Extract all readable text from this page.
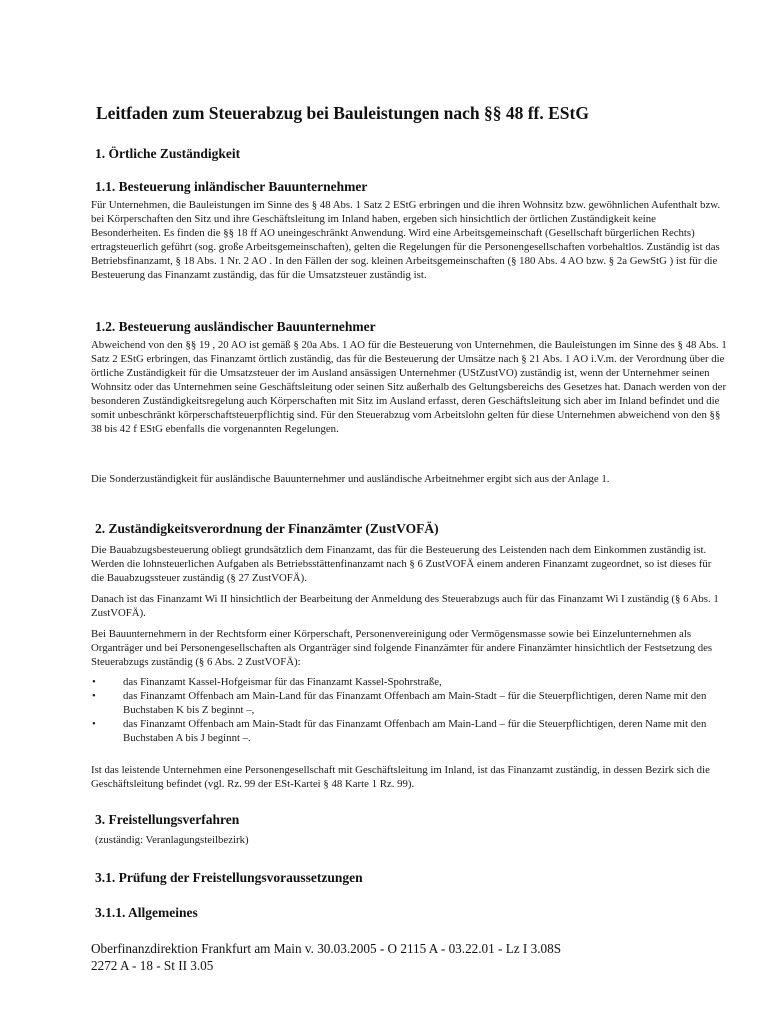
Leitfaden zum Steuerabzug bei Bauleistungen nach §§ 48 ff. EStG
1. Örtliche Zuständigkeit
1.1. Besteuerung inländischer Bauunternehmer

Für Unternehmen, die Bauleistungen im Sinne des § 48 Abs. 1 Satz 2 EStG erbringen und die ihren Wohnsitz bzw. gewöhnlichen Aufenthalt bzw. bei Körperschaften den Sitz und ihre Geschäftsleitung im Inland haben, ergeben sich hinsichtlich der örtlichen Zuständigkeit keine Besonderheiten. Es finden die §§ 18 ff AO uneingeschränkt Anwendung. Wird eine Arbeitsgemeinschaft (Gesellschaft bürgerlichen Rechts) ertragsteuerlich geführt (sog. große Arbeitsgemeinschaften), gelten die Regelungen für die Personengesellschaften vorbehaltlos. Zuständig ist das Betriebsfinanzamt, § 18 Abs. 1 Nr. 2 AO . In den Fällen der sog. kleinen Arbeitsgemeinschaften (§ 180 Abs. 4 AO bzw. § 2a GewStG ) ist für die Besteuerung das Finanzamt zuständig, das für die Umsatzsteuer zuständig ist.

1.2. Besteuerung ausländischer Bauunternehmer

Abweichend von den §§ 19 , 20 AO ist gemäß § 20a Abs. 1 AO für die Besteuerung von Unternehmen, die Bauleistungen im Sinne des § 48 Abs. 1 Satz 2 EStG erbringen, das Finanzamt örtlich zuständig, das für die Besteuerung der Umsätze nach § 21 Abs. 1 AO i.V.m. der Verordnung über die örtliche Zuständigkeit für die Umsatzsteuer der im Ausland ansässigen Unternehmer (UStZustVO) zuständig ist, wenn der Unternehmer seinen Wohnsitz oder das Unternehmen seine Geschäftsleitung oder seinen Sitz außerhalb des Geltungsbereichs des Gesetzes hat. Danach werden von der besonderen Zuständigkeitsregelung auch Körperschaften mit Sitz im Ausland erfasst, deren Geschäftsleitung sich aber im Inland befindet und die somit unbeschränkt körperschaftsteuerpflichtig sind. Für den Steuerabzug vom Arbeitslohn gelten für diese Unternehmen abweichend von den §§ 38 bis 42 f EStG ebenfalls die vorgenannten Regelungen.

Die Sonderzuständigkeit für ausländische Bauunternehmer und ausländische Arbeitnehmer ergibt sich aus der Anlage 1.

2. Zuständigkeitsverordnung der Finanzämter (ZustVOFÄ)

Die Bauabzugsbesteuerung obliegt grundsätzlich dem Finanzamt, das für die Besteuerung des Leistenden nach dem Einkommen zuständig ist. Werden die lohnsteuerlichen Aufgaben als Betriebsstättenfinanzamt nach § 6 ZustVOFÄ einem anderen Finanzamt zugeordnet, so ist dieses für die Bauabzugssteuer zuständig (§ 27 ZustVOFÄ).

Danach ist das Finanzamt Wi II hinsichtlich der Bearbeitung der Anmeldung des Steuerabzugs auch für das Finanzamt Wi I zuständig (§ 6 Abs. 1 ZustVOFÄ).

Bei Bauunternehmern in der Rechtsform einer Körperschaft, Personenvereinigung oder Vermögensmasse sowie bei Einzelunternehmen als Organträger und bei Personengesellschaften als Organträger sind folgende Finanzämter für andere Finanzämter hinsichtlich der Festsetzung des Steuerabzugs zuständig (§ 6 Abs. 2 ZustVOFÄ):

•	das Finanzamt Kassel-Hofgeismar für das Finanzamt Kassel-Spohrstraße,
•	das Finanzamt Offenbach am Main-Land für das Finanzamt Offenbach am Main-Stadt – für die Steuerpflichtigen, deren Name mit den Buchstaben K bis Z beginnt –,
•	das Finanzamt Offenbach am Main-Stadt für das Finanzamt Offenbach am Main-Land – für die Steuerpflichtigen, deren Name mit den Buchstaben A bis J beginnt –.

Ist das leistende Unternehmen eine Personengesellschaft mit Geschäftsleitung im Inland, ist das Finanzamt zuständig, in dessen Bezirk sich die Geschäftsleitung befindet (vgl. Rz. 99 der ESt-Kartei § 48 Karte 1 Rz. 99).

3. Freistellungsverfahren

(zuständig: Veranlagungsteilbezirk)

3.1. Prüfung der Freistellungsvoraussetzungen
3.1.1. Allgemeines
Oberfinanzdirektion Frankfurt am Main v. 30.03.2005 - O 2115 A - 03.22.01 - Lz I 3.08S
2272 A - 18 - St II 3.05
